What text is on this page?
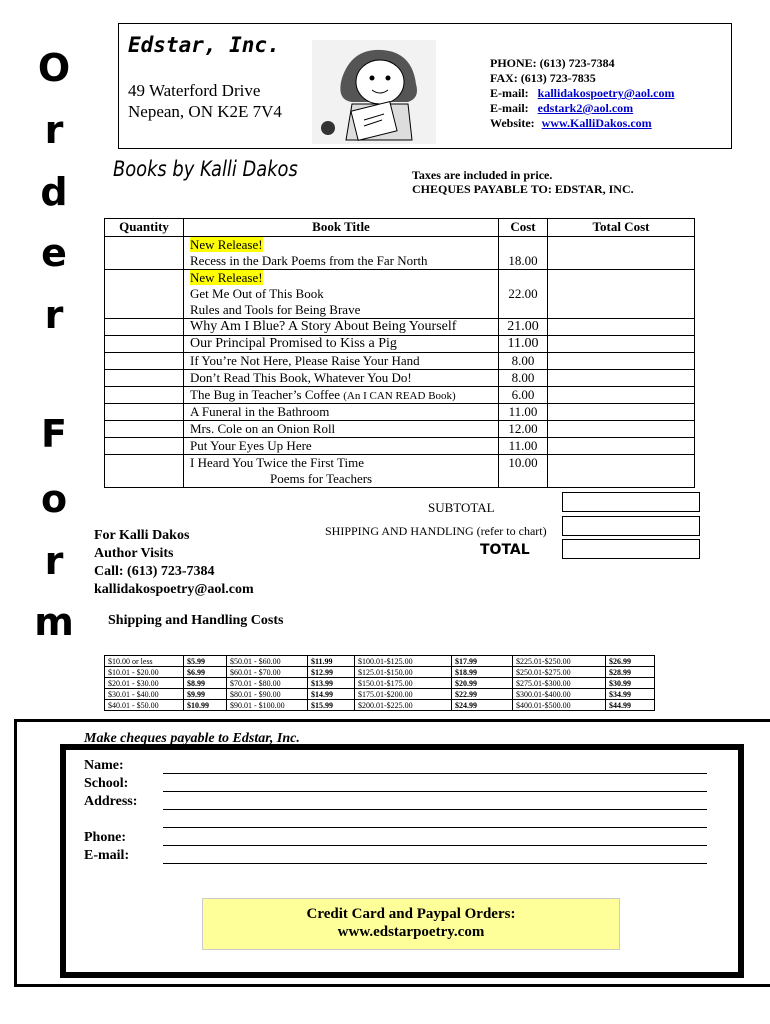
O
r
d
e
r
F
o
r
m
Edstar, Inc.
49 Waterford Drive
Nepean, ON K2E 7V4
PHONE: (613) 723-7384
FAX: (613) 723-7835
E-mail: kallidakospoetry@aol.com
E-mail: edstark2@aol.com
Website: www.KalliDakos.com
Books by Kalli Dakos	Taxes are included in price.
CHEQUES PAYABLE TO: EDSTAR, INC.
Quantity	Book Title	Cost	Total Cost
	New Release!
Recess in the Dark Poems from the Far North	18.00	
	New Release!
Get Me Out of This Book
Rules and Tools for Being Brave	22.00	
	Why Am I Blue? A Story About Being Yourself	21.00	
	Our Principal Promised to Kiss a Pig	11.00	
	If You’re Not Here, Please Raise Your Hand	8.00	
	Don’t Read This Book, Whatever You Do!	8.00	
	The Bug in Teacher’s Coffee (An I CAN READ Book)	6.00	
	A Funeral in the Bathroom	11.00	
	Mrs. Cole on an Onion Roll	12.00	
	Put Your Eyes Up Here	11.00	
	I Heard You Twice the First Time
Poems for Teachers	10.00	
SUBTOTAL
SHIPPING AND HANDLING (refer to chart)
TOTAL
For Kalli Dakos
Author Visits
Call: (613) 723-7384
kallidakospoetry@aol.com
Shipping and Handling Costs
$10.00 or less	$5.99	$50.01 - $60.00	$11.99	$100.01-$125.00	$17.99	$225.01-$250.00	$26.99
$10.01 - $20.00	$6.99	$60.01 - $70.00	$12.99	$125.01-$150.00	$18.99	$250.01-$275.00	$28.99
$20.01 - $30.00	$8.99	$70.01 - $80.00	$13.99	$150.01-$175.00	$20.99	$275.01-$300.00	$30.99
$30.01 - $40.00	$9.99	$80.01 - $90.00	$14.99	$175.01-$200.00	$22.99	$300.01-$400.00	$34.99
$40.01 - $50.00	$10.99	$90.01 - $100.00	$15.99	$200.01-$225.00	$24.99	$400.01-$500.00	$44.99
Make cheques payable to Edstar, Inc.
Name:
School:
Address:
Phone:
E-mail:
Credit Card and Paypal Orders:
www.edstarpoetry.com
